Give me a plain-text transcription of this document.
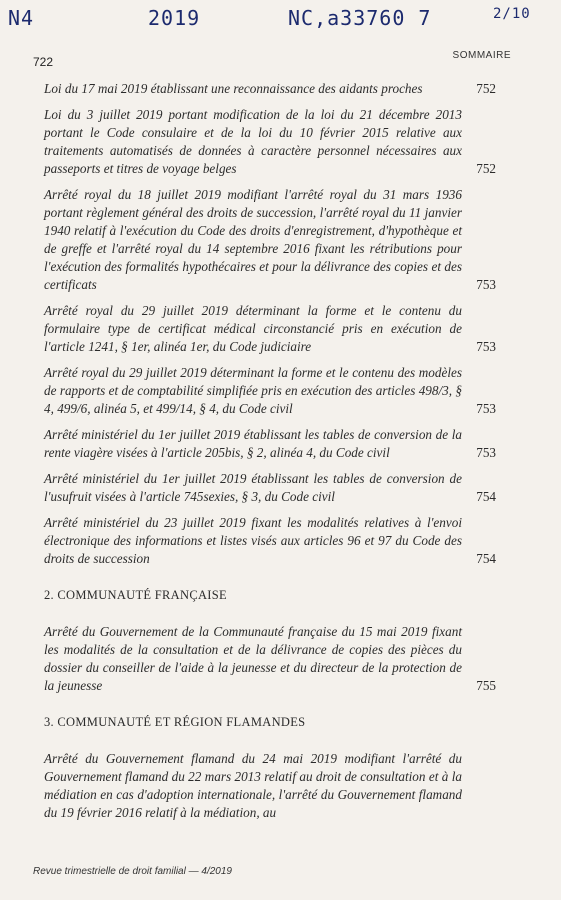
N4	2019	NC,a33760 7	2/10
722	SOMMAIRE

Loi du 17 mai 2019 établissant une reconnaissance des aidants proches	752

Loi du 3 juillet 2019 portant modification de la loi du 21 décembre 2013 portant le Code consulaire et de la loi du 10 février 2015 relative aux traitements automatisés de données à caractère personnel nécessaires aux passeports et titres de voyage belges	752

Arrêté royal du 18 juillet 2019 modifiant l'arrêté royal du 31 mars 1936 portant règlement général des droits de succession, l'arrêté royal du 11 janvier 1940 relatif à l'exécution du Code des droits d'enregistrement, d'hypothèque et de greffe et l'arrêté royal du 14 septembre 2016 fixant les rétributions pour l'exécution des formalités hypothécaires et pour la délivrance des copies et des certificats	753

Arrêté royal du 29 juillet 2019 déterminant la forme et le contenu du formulaire type de certificat médical circonstancié pris en exécution de l'article 1241, § 1er, alinéa 1er, du Code judiciaire	753

Arrêté royal du 29 juillet 2019 déterminant la forme et le contenu des modèles de rapports et de comptabilité simplifiée pris en exécution des articles 498/3, § 4, 499/6, alinéa 5, et 499/14, § 4, du Code civil	753

Arrêté ministériel du 1er juillet 2019 établissant les tables de conversion de la rente viagère visées à l'article 205bis, § 2, alinéa 4, du Code civil	753

Arrêté ministériel du 1er juillet 2019 établissant les tables de conversion de l'usufruit visées à l'article 745sexies, § 3, du Code civil	754

Arrêté ministériel du 23 juillet 2019 fixant les modalités relatives à l'envoi électronique des informations et listes visés aux articles 96 et 97 du Code des droits de succession	754
2. COMMUNAUTÉ FRANÇAISE

Arrêté du Gouvernement de la Communauté française du 15 mai 2019 fixant les modalités de la consultation et de la délivrance de copies des pièces du dossier du conseiller de l'aide à la jeunesse et du directeur de la protection de la jeunesse	755
3. COMMUNAUTÉ ET RÉGION FLAMANDES

Arrêté du Gouvernement flamand du 24 mai 2019 modifiant l'arrêté du Gouvernement flamand du 22 mars 2013 relatif au droit de consultation et à la médiation en cas d'adoption internationale, l'arrêté du Gouvernement flamand du 19 février 2016 relatif à la médiation, au

Revue trimestrielle de droit familial — 4/2019
